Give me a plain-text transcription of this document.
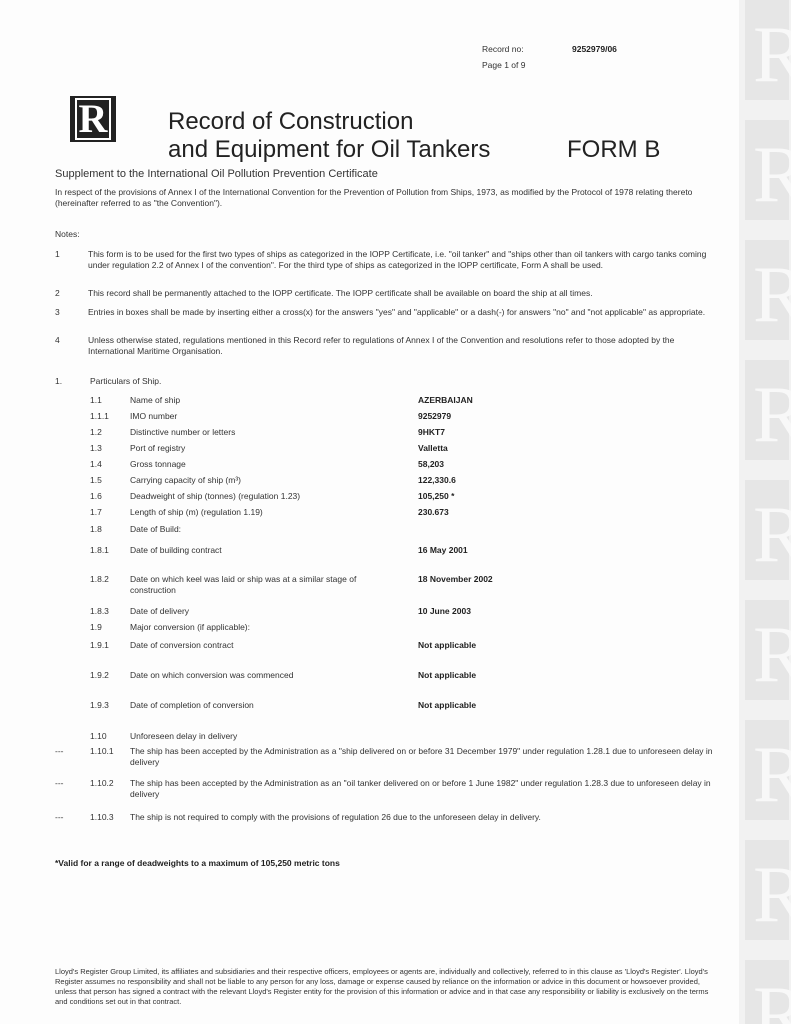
R
R
R
R
R
R
R
R
R
Record no:	9252979/06
Page 1 of 9
R	Record of Construction
and Equipment for Oil Tankers	FORM B
Supplement to the International Oil Pollution Prevention Certificate
In respect of the provisions of Annex I of the International Convention for the Prevention of Pollution from Ships, 1973, as modified by the Protocol of 1978 relating thereto (hereinafter referred to as "the Convention").
Notes:
1	This form is to be used for the first two types of ships as categorized in the IOPP Certificate, i.e. "oil tanker" and "ships other than oil tankers with cargo tanks coming under regulation 2.2 of Annex I of the convention". For the third type of ships as categorized in the IOPP certificate, Form A shall be used.
2	This record shall be permanently attached to the IOPP certificate. The IOPP certificate shall be available on board the ship at all times.
3	Entries in boxes shall be made by inserting either a cross(x) for the answers "yes" and "applicable" or a dash(-) for answers "no" and "not applicable" as appropriate.
4	Unless otherwise stated, regulations mentioned in this Record refer to regulations of Annex I of the Convention and resolutions refer to those adopted by the International Maritime Organisation.
1.	Particulars of Ship.
1.1	Name of ship	AZERBAIJAN
1.1.1 IMO number	9252979
1.2	Distinctive number or letters	9HKT7
1.3	Port of registry	Valletta
1.4	Gross tonnage	58,203
1.5	Carrying capacity of ship (m³)	122,330.6
1.6	Deadweight of ship (tonnes) (regulation 1.23)	105,250 *
1.7	Length of ship (m) (regulation 1.19)	230.673
1.8	Date of Build:
1.8.1 Date of building contract	16 May 2001
1.8.2 Date on which keel was laid or ship was at a similar stage of construction
18 November 2002
1.8.3 Date of delivery	10 June 2003
1.9	Major conversion (if applicable):
1.9.1 Date of conversion contract	Not applicable
1.9.2 Date on which conversion was commenced	Not applicable
1.9.3 Date of completion of conversion	Not applicable
1.10	Unforeseen delay in delivery
---	1.10.1 The ship has been accepted by the Administration as a "ship delivered on or before 31 December 1979" under regulation 1.28.1 due to unforeseen delay in delivery
---	1.10.2 The ship has been accepted by the Administration as an "oil tanker delivered on or before 1 June 1982" under regulation 1.28.3 due to unforeseen delay in delivery
---	1.10.3 The ship is not required to comply with the provisions of regulation 26 due to the unforeseen delay in delivery.
*Valid for a range of deadweights to a maximum of 105,250 metric tons
Lloyd's Register Group Limited, its affiliates and subsidiaries and their respective officers, employees or agents are, individually and collectively, referred to in this clause as 'Lloyd's Register'. Lloyd's Register assumes no responsibility and shall not be liable to any person for any loss, damage or expense caused by reliance on the information or advice in this document or howsoever provided, unless that person has signed a contract with the relevant Lloyd's Register entity for the provision of this information or advice and in that case any responsibility or liability is exclusively on the terms and conditions set out in that contract.
